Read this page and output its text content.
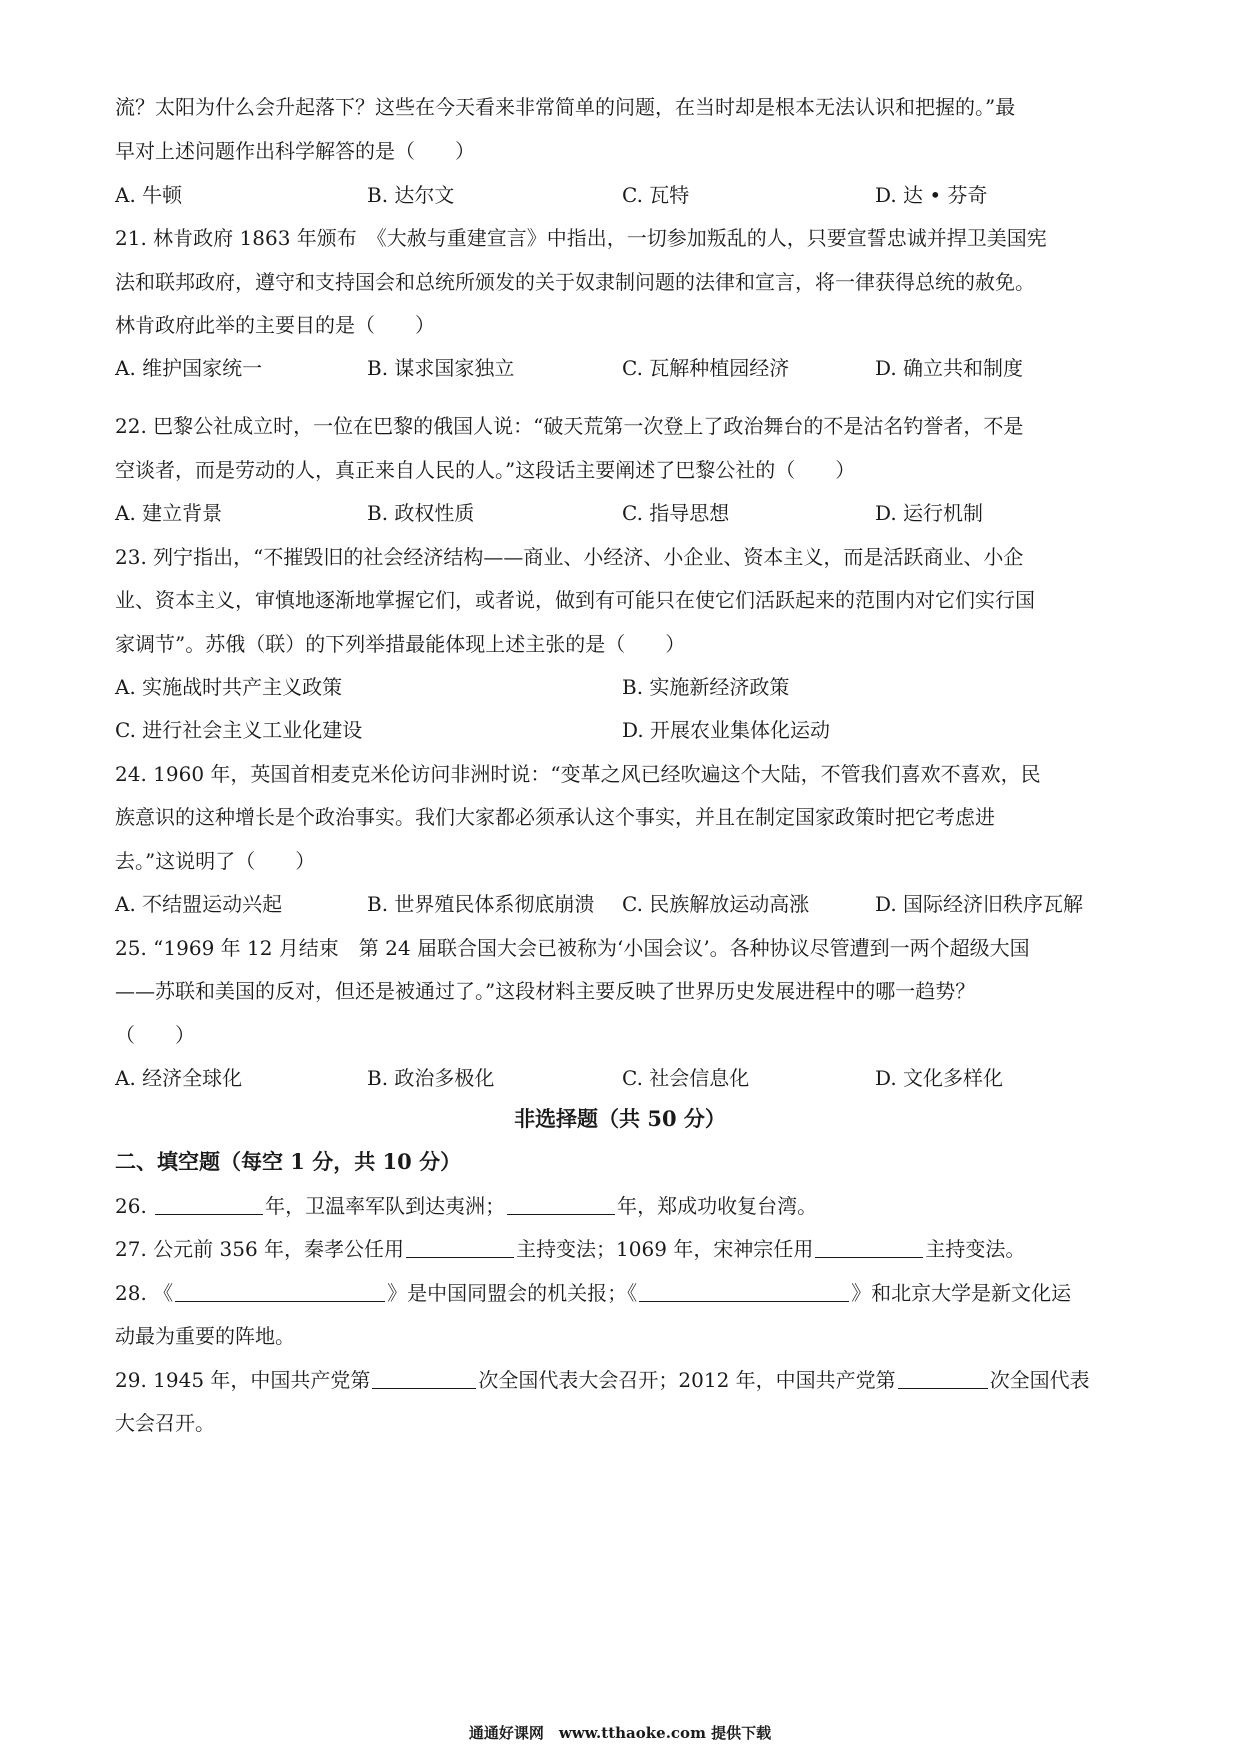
流？太阳为什么会升起落下？这些在今天看来非常简单的问题，在当时却是根本无法认识和把握的。”最
早对上述问题作出科学解答的是（　　）
A. 牛顿	B. 达尔文	C. 瓦特	D. 达 • 芬奇
21. 林肯政府 1863 年颁布　《大赦与重建宣言》中指出，一切参加叛乱的人，只要宣誓忠诚并捍卫美国宪
法和联邦政府，遵守和支持国会和总统所颁发的关于奴隶制问题的法律和宣言，将一律获得总统的赦免。
林肯政府此举的主要目的是（　　）
A. 维护国家统一	B. 谋求国家独立	C. 瓦解种植园经济	D. 确立共和制度
22. 巴黎公社成立时，一位在巴黎的俄国人说：“破天荒第一次登上了政治舞台的不是沽名钓誉者，不是
空谈者，而是劳动的人，真正来自人民的人。”这段话主要阐述了巴黎公社的（　　）
A. 建立背景	B. 政权性质	C. 指导思想	D. 运行机制
23. 列宁指出，“不摧毁旧的社会经济结构——商业、小经济、小企业、资本主义，而是活跃商业、小企
业、资本主义，审慎地逐渐地掌握它们，或者说，做到有可能只在使它们活跃起来的范围内对它们实行国
家调节”。苏俄（联）的下列举措最能体现上述主张的是（　　）
A. 实施战时共产主义政策	B. 实施新经济政策
C. 进行社会主义工业化建设	D. 开展农业集体化运动
24. 1960 年，英国首相麦克米伦访问非洲时说：“变革之风已经吹遍这个大陆，不管我们喜欢不喜欢，民
族意识的这种增长是个政治事实。我们大家都必须承认这个事实，并且在制定国家政策时把它考虑进
去。”这说明了（　　）
A. 不结盟运动兴起	B. 世界殖民体系彻底崩溃 C. 民族解放运动高涨	D. 国际经济旧秩序瓦解
25. “1969 年 12 月结束　第 24 届联合国大会已被称为‘小国会议’。各种协议尽管遭到一两个超级大国
——苏联和美国的反对，但还是被通过了。”这段材料主要反映了世界历史发展进程中的哪一趋势？
（　　）
A. 经济全球化	B. 政治多极化	C. 社会信息化	D. 文化多样化
非选择题（共 50 分）
二、填空题（每空 1 分，共 10 分）
26.	年，卫温率军队到达夷洲；	年，郑成功收复台湾。
27. 公元前 356 年，秦孝公任用	主持变法；1069 年，宋神宗任用	主持变法。
28. 《	》是中国同盟会的机关报；《	》和北京大学是新文化运
动最为重要的阵地。
29. 1945 年，中国共产党第	次全国代表大会召开；2012 年，中国共产党第	次全国代表
大会召开。
通通好课网　www.tthaoke.com 提供下载
